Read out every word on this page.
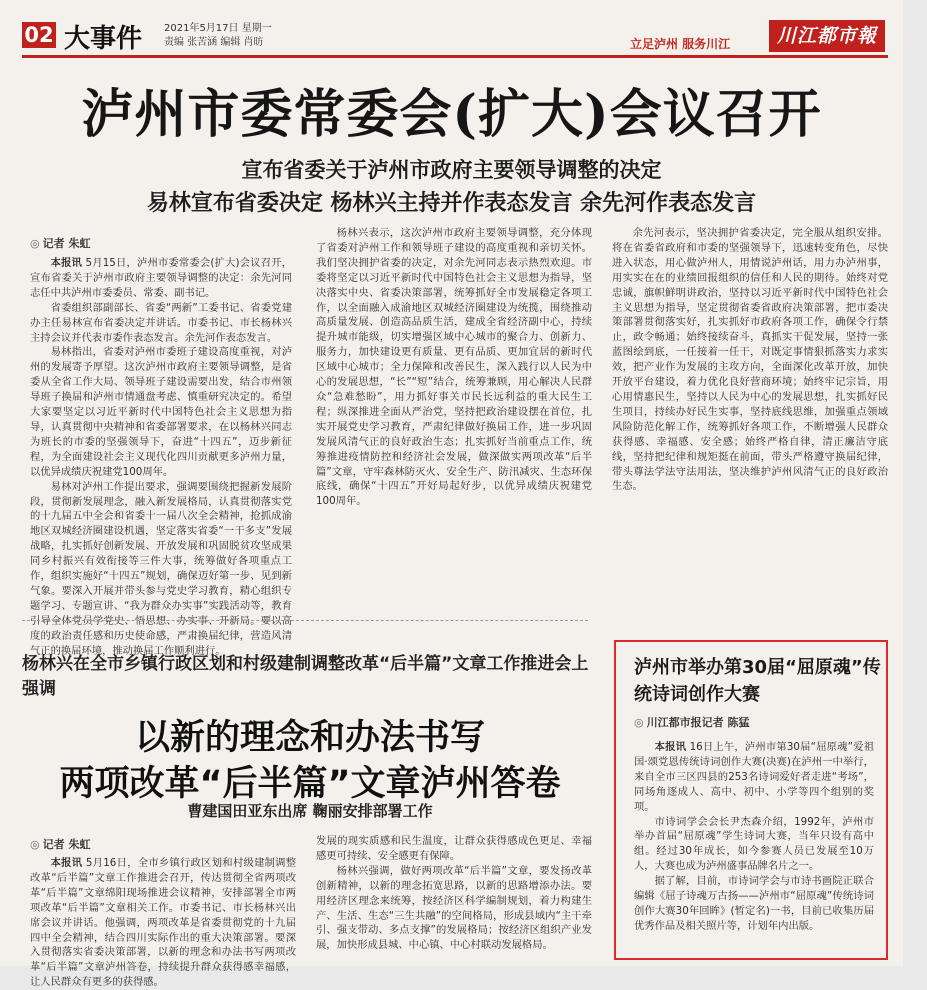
02 大事件 2021年5月17日 星期一
责编 张苦涵 编辑 肖昉	立足泸州 服务川江	川江都市報
泸州市委常委会(扩大)会议召开
宣布省委关于泸州市政府主要领导调整的决定
易林宣布省委决定 杨林兴主持并作表态发言 余先河作表态发言
◎ 记者 朱虹

本报讯 5月15日，泸州市委常委会(扩大)会议召开，宣布省委关于泸州市政府主要领导调整的决定：余先河同志任中共泸州市委委员、常委、副书记。

省委组织部副部长、省委“两新”工委书记、省委党建办主任易林宣布省委决定并讲话。市委书记、市长杨林兴主持会议并代表市委作表态发言。余先河作表态发言。

易林指出，省委对泸州市委班子建设高度重视，对泸州的发展寄予厚望。这次泸州市政府主要领导调整，是省委从全省工作大局、领导班子建设需要出发，结合市州领导班子换届和泸州市情通盘考虑、慎重研究决定的。希望大家要坚定以习近平新时代中国特色社会主义思想为指导，认真贯彻中央精神和省委部署要求，在以杨林兴同志为班长的市委的坚强领导下，奋进“十四五”，迈步新征程，为全面建设社会主义现代化四川贡献更多泸州力量，以优异成绩庆祝建党100周年。

易林对泸州工作提出要求，强调要围绕把握新发展阶段，贯彻新发展理念，融入新发展格局，认真贯彻落实党的十九届五中全会和省委十一届八次全会精神，抢抓成渝地区双城经济圈建设机遇，坚定落实省委“一干多支”发展战略，扎实抓好创新发展、开放发展和巩固脱贫攻坚成果同乡村振兴有效衔接等三件大事，统筹做好各项重点工作，组织实施好“十四五”规划，确保迈好第一步、见到新气象。要深入开展并带头参与党史学习教育，精心组织专题学习、专题宣讲、“我为群众办实事”实践活动等，教育引导全体党员学党史、悟思想、办实事、开新局。要以高度的政治责任感和历史使命感，严肃换届纪律，营造风清气正的换届环境，推动换届工作顺利进行。

杨林兴表示，这次泸州市政府主要领导调整，充分体现了省委对泸州工作和领导班子建设的高度重视和亲切关怀。我们坚决拥护省委的决定，对余先河同志表示热烈欢迎。市委将坚定以习近平新时代中国特色社会主义思想为指导，坚决落实中央、省委决策部署，统筹抓好全市发展稳定各项工作，以全面融入成渝地区双城经济圈建设为统揽，围绕推动高质量发展、创造高品质生活，建成全省经济副中心，持续提升城市能级，切实增强区域中心城市的聚合力、创新力、服务力，加快建设更有质量、更有品质、更加宜居的新时代区域中心城市；全力保障和改善民生，深入践行以人民为中心的发展思想，“长”“短”结合，统筹兼顾，用心解决人民群众“急难愁盼”，用力抓好事关市民长远利益的重大民生工程；纵深推进全面从严治党，坚持把政治建设摆在首位，扎实开展党史学习教育，严肃纪律做好换届工作，进一步巩固发展风清气正的良好政治生态；扎实抓好当前重点工作，统筹推进疫情防控和经济社会发展，做深做实两项改革“后半篇”文章，守牢森林防灭火、安全生产、防汛减灾、生态环保底线，确保“十四五”开好局起好步，以优异成绩庆祝建党100周年。

余先河表示，坚决拥护省委决定，完全服从组织安排。将在省委省政府和市委的坚强领导下，迅速转变角色，尽快进入状态，用心做泸州人，用情说泸州话，用力办泸州事，用实实在在的业绩回报组织的信任和人民的期待。始终对党忠诚，旗帜鲜明讲政治，坚持以习近平新时代中国特色社会主义思想为指导，坚定贯彻省委省政府决策部署，把市委决策部署贯彻落实好，扎实抓好市政府各项工作，确保令行禁止，政令畅通；始终接续奋斗，真抓实干促发展，坚持一张蓝图绘到底，一任接着一任干，对既定事情狠抓落实力求实效，把产业作为发展的主攻方向，全面深化改革开放，加快开放平台建设，着力优化良好营商环境；始终牢记宗旨，用心用情惠民生，坚持以人民为中心的发展思想，扎实抓好民生项目，持续办好民生实事，坚持底线思维，加强重点领域风险防范化解工作，统筹抓好各项工作，不断增强人民群众获得感、幸福感、安全感；始终严格自律，清正廉洁守底线，坚持把纪律和规矩挺在前面，带头严格遵守换届纪律，带头尊法学法守法用法，坚决维护泸州风清气正的良好政治生态。

杨林兴在全市乡镇行政区划和村级建制调整改革“后半篇”文章工作推进会上强调
以新的理念和办法书写
两项改革“后半篇”文章泸州答卷
曹建国田亚东出席 鞠丽安排部署工作
◎ 记者 朱虹

本报讯 5月16日，全市乡镇行政区划和村级建制调整改革“后半篇”文章工作推进会召开，传达贯彻全省两项改革“后半篇”文章绵阳现场推进会议精神，安排部署全市两项改革“后半篇”文章相关工作。市委书记、市长杨林兴出席会议并讲话。他强调，两项改革是省委贯彻党的十九届四中全会精神，结合四川实际作出的重大决策部署。要深入贯彻落实省委决策部署，以新的理念和办法书写两项改革“后半篇”文章泸州答卷，持续提升群众获得感幸福感，让人民群众有更多的获得感。

发展的现实质感和民生温度，让群众获得感成色更足、幸福感更可持续、安全感更有保障。

杨林兴强调，做好两项改革“后半篇”文章，要发扬改革创新精神，以新的理念拓宽思路，以新的思路增添办法。要用经济区理念来统筹，按经济区科学编制规划，着力构建生产、生活、生态“三生共融”的空间格局，形成县域内“主干牵引、强支带动、多点支撑”的发展格局；按经济区组织产业发展，加快形成县城、中心镇、中心村联动发展格局。

泸州市举办第30届“屈原魂”传统诗词创作大赛
◎ 川江都市报记者 陈猛

本报讯 16日上午，泸州市第30届“屈原魂”爱祖国·颂党恩传统诗词创作大赛(决赛)在泸州一中举行，来自全市三区四县的253名诗词爱好者走进“考场”，同场角逐成人、高中、初中、小学等四个组别的奖项。

市诗词学会会长尹杰森介绍，1992年，泸州市举办首届“屈原魂”学生诗词大赛，当年只设有高中组。经过30年成长，如今参赛人员已发展至10万人，大赛也成为泸州盛事品牌名片之一。

据了解，目前，市诗词学会与市诗书画院正联合编辑《屈子诗魂万古扬——泸州市“屈原魂”传统诗词创作大赛30年回眸》(暂定名)一书，目前已收集历届优秀作品及相关照片等，计划年内出版。
